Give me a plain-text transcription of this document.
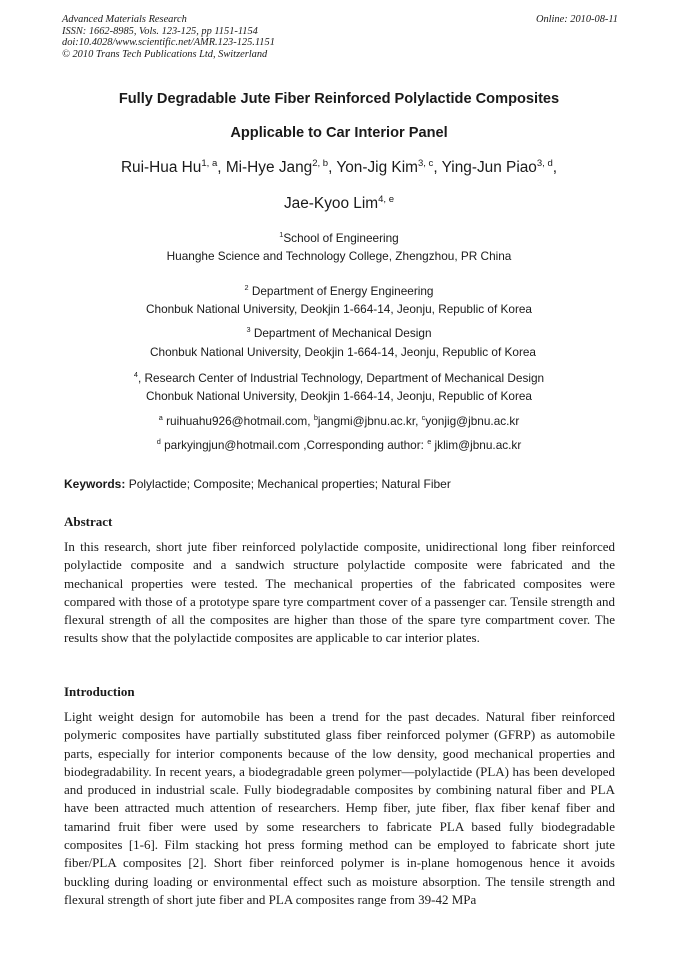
Advanced Materials Research
ISSN: 1662-8985, Vols. 123-125, pp 1151-1154
doi:10.4028/www.scientific.net/AMR.123-125.1151
© 2010 Trans Tech Publications Ltd, Switzerland
Online: 2010-08-11
Fully Degradable Jute Fiber Reinforced Polylactide Composites
Applicable to Car Interior Panel
Rui-Hua Hu$^{1, a}$, Mi-Hye Jang$^{2, b}$, Yon-Jig Kim$^{3, c}$, Ying-Jun Piao$^{3, d}$,
Jae-Kyoo Lim$^{4, e}$
$^1$School of Engineering
Huanghe Science and Technology College, Zhengzhou, PR China
$^2$ Department of Energy Engineering
Chonbuk National University, Deokjin 1-664-14, Jeonju, Republic of Korea
$^3$ Department of Mechanical Design
Chonbuk National University, Deokjin 1-664-14, Jeonju, Republic of Korea
$^4$, Research Center of Industrial Technology, Department of Mechanical Design
Chonbuk National University, Deokjin 1-664-14, Jeonju, Republic of Korea
$^a$ ruihuahu926@hotmail.com, $^b$jangmi@jbnu.ac.kr, $^c$yonjig@jbnu.ac.kr
$^d$ parkyingjun@hotmail.com ,Corresponding author: $^e$ jklim@jbnu.ac.kr
Keywords: Polylactide; Composite; Mechanical properties; Natural Fiber
Abstract
In this research, short jute fiber reinforced polylactide composite, unidirectional long fiber reinforced polylactide composite and a sandwich structure polylactide composite were fabricated and the mechanical properties were tested. The mechanical properties of the fabricated composites were compared with those of a prototype spare tyre compartment cover of a passenger car. Tensile strength and flexural strength of all the composites are higher than those of the spare tyre compartment cover. The results show that the polylactide composites are applicable to car interior plates.
Introduction
Light weight design for automobile has been a trend for the past decades. Natural fiber reinforced polymeric composites have partially substituted glass fiber reinforced polymer (GFRP) as automobile parts, especially for interior components because of the low density, good mechanical properties and biodegradability. In recent years, a biodegradable green polymer—polylactide (PLA) has been developed and produced in industrial scale. Fully biodegradable composites by combining natural fiber and PLA have been attracted much attention of researchers. Hemp fiber, jute fiber, flax fiber kenaf fiber and tamarind fruit fiber were used by some researchers to fabricate PLA based fully biodegradable composites [1-6]. Film stacking hot press forming method can be employed to fabricate short jute fiber/PLA composites [2]. Short fiber reinforced polymer is in-plane homogenous hence it avoids buckling during loading or environmental effect such as moisture absorption. The tensile strength and flexural strength of short jute fiber and PLA composites range from 39-42 MPa
